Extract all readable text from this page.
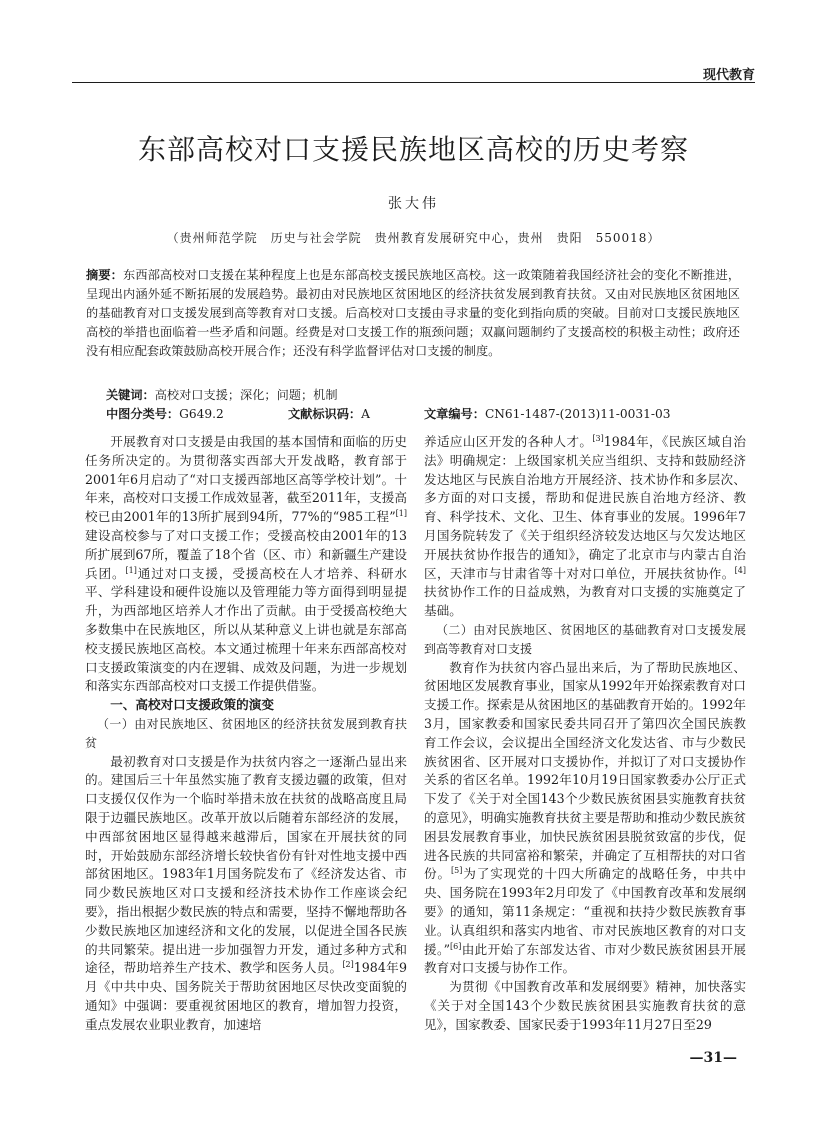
现代教育
东部高校对口支援民族地区高校的历史考察
张大伟
（贵州师范学院　历史与社会学院　贵州教育发展研究中心，贵州　贵阳　550018）
摘要：东西部高校对口支援在某种程度上也是东部高校支援民族地区高校。这一政策随着我国经济社会的变化不断推进，呈现出内涵外延不断拓展的发展趋势。最初由对民族地区贫困地区的经济扶贫发展到教育扶贫。又由对民族地区贫困地区的基础教育对口支援发展到高等教育对口支援。后高校对口支援由寻求量的变化到指向质的突破。目前对口支援民族地区高校的举措也面临着一些矛盾和问题。经费是对口支援工作的瓶颈问题；双赢问题制约了支援高校的积极主动性；政府还没有相应配套政策鼓励高校开展合作；还没有科学监督评估对口支援的制度。
关键词：高校对口支援；深化；问题；机制
中图分类号：G649.2	文献标识码：A	文章编号：CN61-1487-(2013)11-0031-03

开展教育对口支援是由我国的基本国情和面临的历史任务所决定的。为贯彻落实西部大开发战略，教育部于2001年6月启动了“对口支援西部地区高等学校计划”。十年来，高校对口支援工作成效显著，截至2011年，支援高校已由2001年的13所扩展到94所，77%的“985工程”[1]建设高校参与了对口支援工作；受援高校由2001年的13所扩展到67所，覆盖了18个省（区、市）和新疆生产建设兵团。[1]通过对口支援，受援高校在人才培养、科研水平、学科建设和硬件设施以及管理能力等方面得到明显提升，为西部地区培养人才作出了贡献。由于受援高校绝大多数集中在民族地区，所以从某种意义上讲也就是东部高校支援民族地区高校。本文通过梳理十年来东西部高校对口支援政策演变的内在逻辑、成效及问题，为进一步规划和落实东西部高校对口支援工作提供借鉴。

一、高校对口支援政策的演变

（一）由对民族地区、贫困地区的经济扶贫发展到教育扶贫

最初教育对口支援是作为扶贫内容之一逐渐凸显出来的。建国后三十年虽然实施了教育支援边疆的政策，但对口支援仅仅作为一个临时举措未放在扶贫的战略高度且局限于边疆民族地区。改革开放以后随着东部经济的发展，中西部贫困地区显得越来越滞后，国家在开展扶贫的同时，开始鼓励东部经济增长较快省份有针对性地支援中西部贫困地区。1983年1月国务院发布了《经济发达省、市同少数民族地区对口支援和经济技术协作工作座谈会纪要》，指出根据少数民族的特点和需要，坚持不懈地帮助各少数民族地区加速经济和文化的发展，以促进全国各民族的共同繁荣。提出进一步加强智力开发，通过多种方式和途径，帮助培养生产技术、教学和医务人员。[2]1984年9月《中共中央、国务院关于帮助贫困地区尽快改变面貌的通知》中强调：要重视贫困地区的教育，增加智力投资，重点发展农业职业教育，加速培

养适应山区开发的各种人才。[3]1984年，《民族区域自治法》明确规定：上级国家机关应当组织、支持和鼓励经济发达地区与民族自治地方开展经济、技术协作和多层次、多方面的对口支援，帮助和促进民族自治地方经济、教育、科学技术、文化、卫生、体育事业的发展。1996年7月国务院转发了《关于组织经济较发达地区与欠发达地区开展扶贫协作报告的通知》，确定了北京市与内蒙古自治区，天津市与甘肃省等十对对口单位，开展扶贫协作。[4]扶贫协作工作的日益成熟，为教育对口支援的实施奠定了基础。

（二）由对民族地区、贫困地区的基础教育对口支援发展到高等教育对口支援

教育作为扶贫内容凸显出来后，为了帮助民族地区、贫困地区发展教育事业，国家从1992年开始探索教育对口支援工作。探索是从贫困地区的基础教育开始的。1992年3月，国家教委和国家民委共同召开了第四次全国民族教育工作会议，会议提出全国经济文化发达省、市与少数民族贫困省、区开展对口支援协作，并拟订了对口支援协作关系的省区名单。1992年10月19日国家教委办公厅正式下发了《关于对全国143个少数民族贫困县实施教育扶贫的意见》，明确实施教育扶贫主要是帮助和推动少数民族贫困县发展教育事业，加快民族贫困县脱贫致富的步伐，促进各民族的共同富裕和繁荣，并确定了互相帮扶的对口省份。[5]为了实现党的十四大所确定的战略任务，中共中央、国务院在1993年2月印发了《中国教育改革和发展纲要》的通知，第11条规定：“重视和扶持少数民族教育事业。认真组织和落实内地省、市对民族地区教育的对口支援。”[6]由此开始了东部发达省、市对少数民族贫困县开展教育对口支援与协作工作。

为贯彻《中国教育改革和发展纲要》精神，加快落实《关于对全国143个少数民族贫困县实施教育扶贫的意见》，国家教委、国家民委于1993年11月27日至29

—31—
